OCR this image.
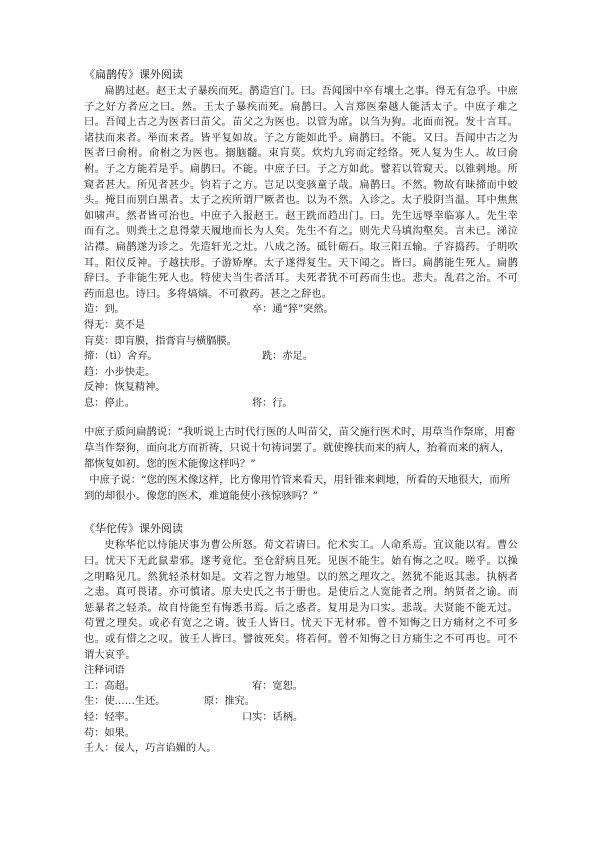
《扁鹊传》课外阅读

扁鹊过赵。赵王太子暴疾而死。鹊造宫门。曰。吾闻国中卒有壤土之事。得无有急乎。中庶子之好方者应之曰。然。王太子暴疾而死。扁鹊曰。入言郑医秦越人能活太子。中庶子难之曰。吾闻上古之为医者曰苗父。苗父之为医也。以管为席。以刍为狗。北面而祝。发十言耳。诸扶而来者。举而来者。皆平复如故。子之方能如此乎。扁鹊曰。不能。又曰。吾闻中古之为医者曰俞柎。俞柎之为医也。搦脑髓。束肓莫。炊灼九窍而定经络。死人复为生人。故曰俞柎。子之方能若是乎。扁鹊曰。不能。中庶子曰。子之方如此。譬若以管窥天。以锥剌地。所窥者甚大。所见者甚少。钧若子之方。岂足以变骇童子哉。扁鹊曰。不然。物故有昧揥而中蛟头。掩目而别白黑者。太子之疾所谓尸厥者也。以为不然。入诊之。太子股阴当温。耳中焦焦如啸声。然者皆可治也。中庶子入报赵王。赵王跣而趋出门。曰。先生远辱幸临寡人。先生幸而有之。则粪土之息得蒙天履地而长为人矣。先生不有之。则先犬马填沟壑矣。言未已。涕泣沾襟。扁鹊遂为诊之。先造轩光之灶。八成之汤。砥针砺石。取三阳五输。子容捣药。子明吹耳。阳仪反神。子越扶形。子游矫摩。太子遂得复生。天下闻之。皆曰。扁鹊能生死人。扁鹊辞曰。予非能生死人也。特使夫当生者活耳。夫死者犹不可药而生也。悲夫。乱君之治。不可药而息也。诗曰。多将熇熇。不可救药。甚之之辞也。

造：到。	卒：通“猝”突然。
得无：莫不是
肓莫：即肓膜，指膏肓与横膈膜。
揥：（tì）舍弃。	跣：赤足。
趋：小步快走。
反神：恢复精神。
息：停止。	将：行。

中庶子质问扁鹊说：“我听说上古时代行医的人叫苗父，苗父施行医术时，用草当作祭席，用畜草当作祭狗，面向北方而祈祷，只说十句祷词罢了。就使搀扶而来的病人，抬着而来的病人，都恢复如初。您的医术能像这样吗？”

中庶子说：“您的医术像这样，比方像用竹管来看天，用针锥来刺地，所看的天地很大，而所到的却很小。像您的医术，难道能使小孩惊骇吗？”

《华佗传》课外阅读

史称华佗以恃能厌事为曹公所怒。荀文若请曰。佗术实工。人命系焉。宜议能以宥。曹公曰。忧天下无此鼠辈邪。遂考竟佗。至仓舒病且死。见医不能生。始有悔之之叹。嗟乎。以操之明略见几。然犹轻杀材如是。文若之智力地望。以的然之理攻之。然犹不能返其恚。执柄者之恚。真可畏诸。亦可慎诸。原夫史氏之书于册也。是使后之人宽能者之刑。纳贤者之谕。而惩暴者之轻杀。故自恃能至有悔悉书焉。后之惑者。复用是为口实。悲哉。夫贤能不能无过。苟置之理矣。或必有宽之之请。彼壬人皆曰。忧天下无材邪。曾不知悔之日方痛材之不可多也。或有惜之之叹。彼壬人皆曰。譬彼死矣。将若何。曾不知悔之日方痛生之不可再也。可不谓大哀乎。

注释词语
工：高超。	宥：宽恕。
生：使……生还。	原：推究。
轻：轻率。	口实：话柄。
苟：如果。
壬人：佞人，巧言谄媚的人。
